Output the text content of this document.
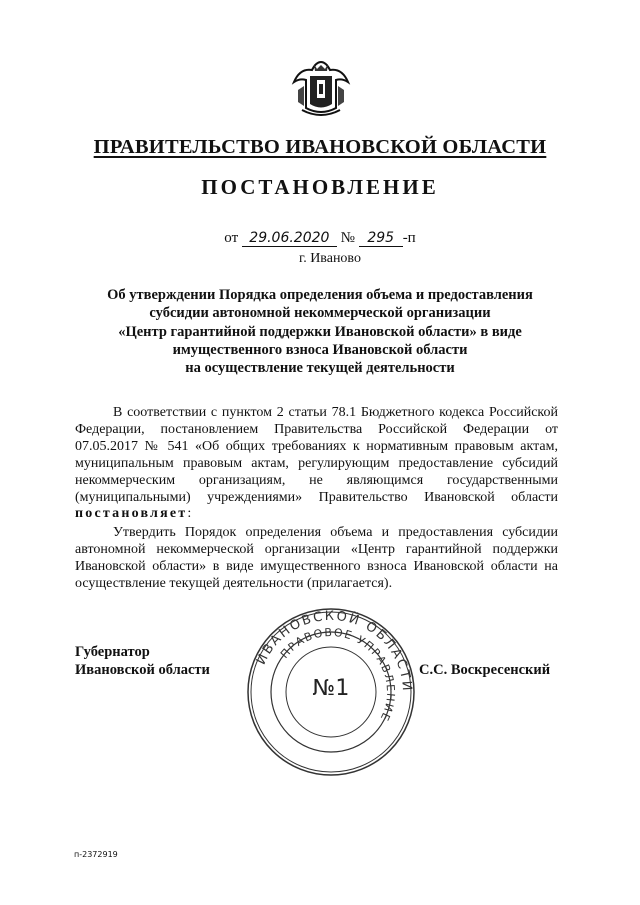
ПРАВИТЕЛЬСТВО ИВАНОВСКОЙ ОБЛАСТИ
ПОСТАНОВЛЕНИЕ
от 29.06.2020 № 295 -п
г. Иваново
Об утверждении Порядка определения объема и предоставления
субсидии автономной некоммерческой организации
«Центр гарантийной поддержки Ивановской области» в виде
имущественного взноса Ивановской области
на осуществление текущей деятельности
В соответствии с пунктом 2 статьи 78.1 Бюджетного кодекса Российской Федерации, постановлением Правительства Российской Федерации от 07.05.2017 № 541 «Об общих требованиях к нормативным правовым актам, муниципальным правовым актам, регулирующим предоставление субсидий некоммерческим организациям, не являющимся государственными (муниципальными) учреждениями» Правительство Ивановской области постановляет:
Утвердить Порядок определения объема и предоставления субсидии автономной некоммерческой организации «Центр гарантийной поддержки Ивановской области» в виде имущественного взноса Ивановской области на осуществление текущей деятельности (прилагается).
ИВАНОВСКОЙ ОБЛАСТИ
ПРАВОВОЕ УПРАВЛЕНИЕ
№1
Губернатор
Ивановской области	С.С. Воскресенский
п-2372919
